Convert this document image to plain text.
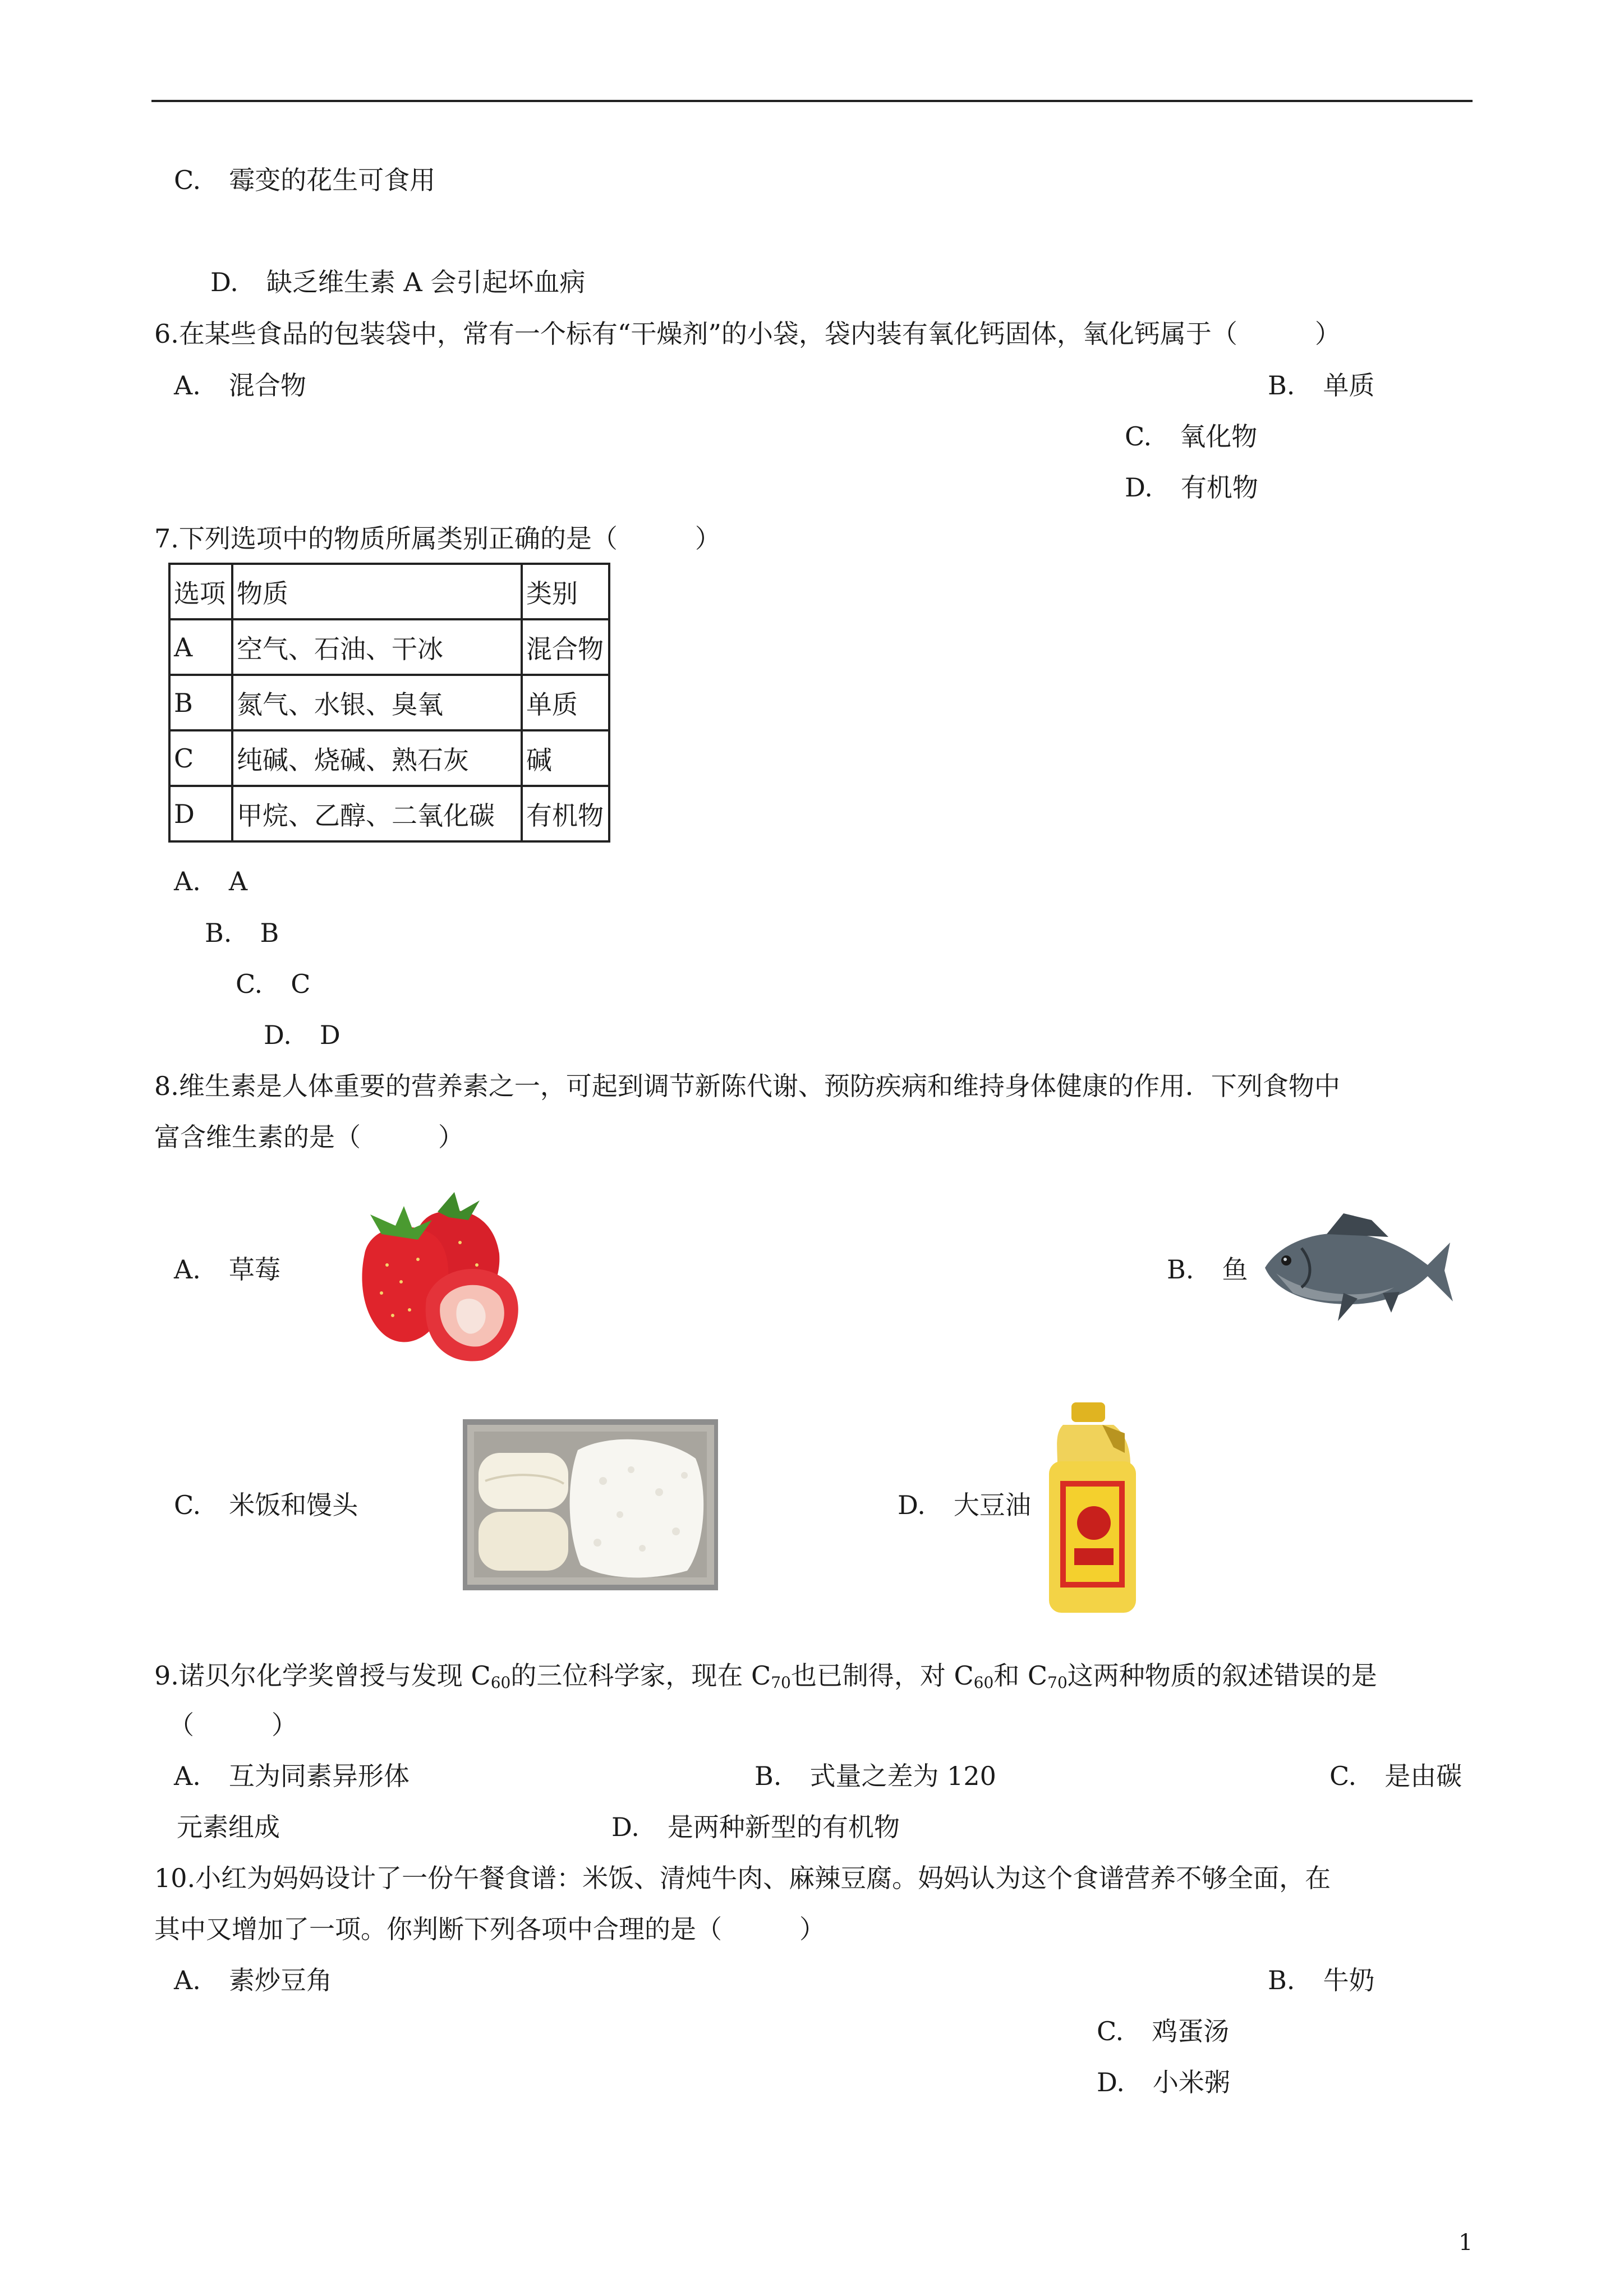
C. 霉变的花生可食用
D. 缺乏维生素 A 会引起坏血病
6.在某些食品的包装袋中，常有一个标有“干燥剂”的小袋，袋内装有氧化钙固体，氧化钙属于（　　　）
A. 混合物	B. 单质
C. 氧化物
D. 有机物
7.下列选项中的物质所属类别正确的是（　　　）
选项	物质	类别
A	空气、石油、干冰	混合物
B	氮气、水银、臭氧	单质
C	纯碱、烧碱、熟石灰	碱
D	甲烷、乙醇、二氧化碳	有机物
A. A
B. B
C. C
D. D
8.维生素是人体重要的营养素之一，可起到调节新陈代谢、预防疾病和维持身体健康的作用．下列食物中
富含维生素的是（　　　）
A. 草莓	B. 鱼
C. 米饭和馒头	D. 大豆油
9.诺贝尔化学奖曾授与发现 $C_{60}$的三位科学家，现在 $C_{70}$也已制得，对 $C_{60}$和 $C_{70}$这两种物质的叙述错误的是
（　　　）
A. 互为同素异形体	B. 式量之差为 120	C. 是由碳
元素组成	D. 是两种新型的有机物
10.小红为妈妈设计了一份午餐食谱：米饭、清炖牛肉、麻辣豆腐。妈妈认为这个食谱营养不够全面，在
其中又增加了一项。你判断下列各项中合理的是（　　　）
A. 素炒豆角	B. 牛奶
C. 鸡蛋汤
D. 小米粥
1
